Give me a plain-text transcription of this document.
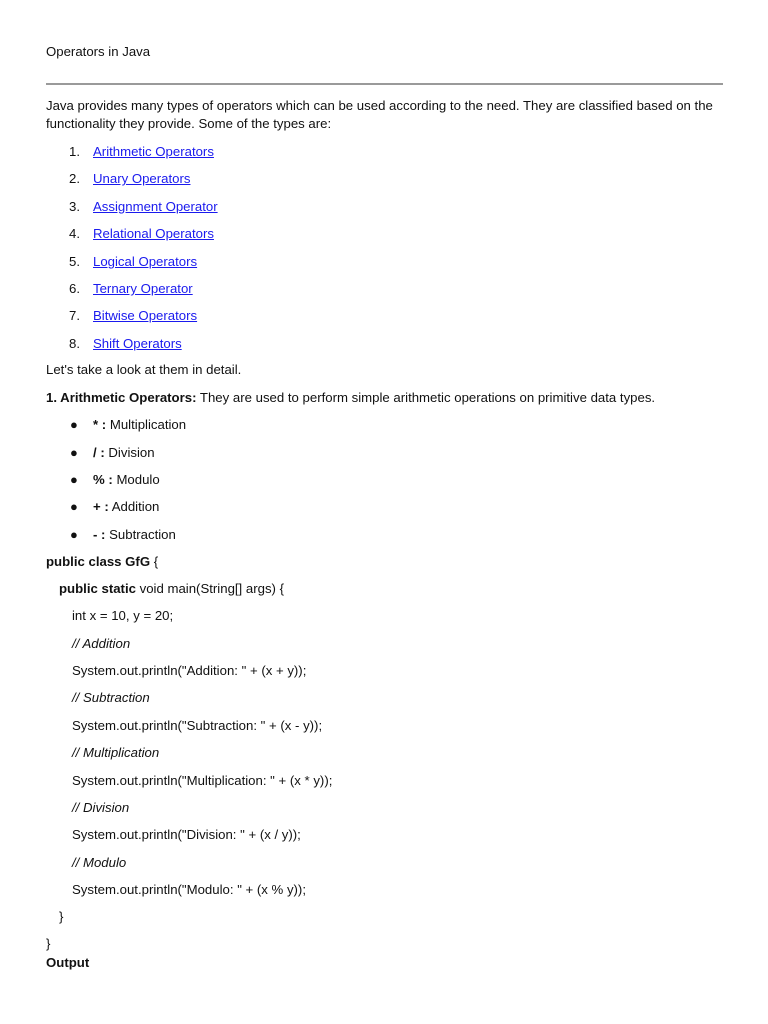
Operators in Java
Java provides many types of operators which can be used according to the need. They are classified based on the functionality they provide. Some of the types are:
1. Arithmetic Operators
2. Unary Operators
3. Assignment Operator
4. Relational Operators
5. Logical Operators
6. Ternary Operator
7. Bitwise Operators
8. Shift Operators
Let's take a look at them in detail.
1. Arithmetic Operators: They are used to perform simple arithmetic operations on primitive data types.
● * : Multiplication
● / : Division
● % : Modulo
● + : Addition
● - : Subtraction
public class GfG {
public static void main(String[] args) {
int x = 10, y = 20;
// Addition
System.out.println("Addition: " + (x + y));
// Subtraction
System.out.println("Subtraction: " + (x - y));
// Multiplication
System.out.println("Multiplication: " + (x * y));
// Division
System.out.println("Division: " + (x / y));
// Modulo
System.out.println("Modulo: " + (x % y));
}
}
Output
